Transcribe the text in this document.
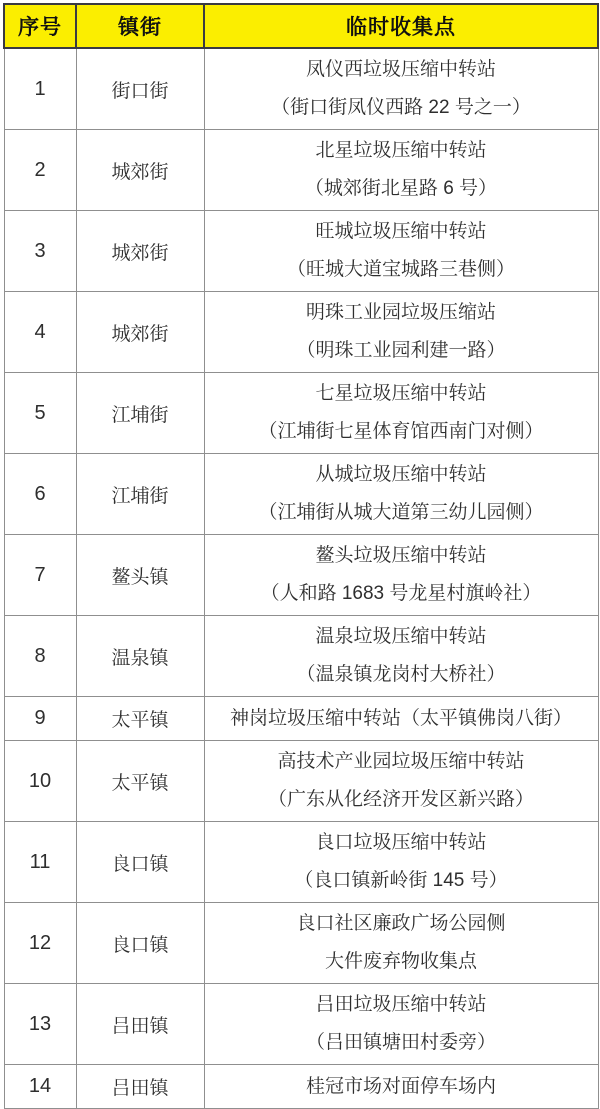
序号	镇街	临时收集点
1	街口街	凤仪西垃圾压缩中转站
（街口街凤仪西路 22 号之一）

2	城郊街	北星垃圾压缩中转站
（城郊街北星路 6 号）

3	城郊街	旺城垃圾压缩中转站
（旺城大道宝城路三巷侧）

4	城郊街	明珠工业园垃圾压缩站
（明珠工业园利建一路）

5	江埔街	七星垃圾压缩中转站
（江埔街七星体育馆西南门对侧）

6	江埔街	从城垃圾压缩中转站
（江埔街从城大道第三幼儿园侧）

7	鳌头镇	鳌头垃圾压缩中转站
（人和路 1683 号龙星村旗岭社）

8	温泉镇	温泉垃圾压缩中转站
（温泉镇龙岗村大桥社）

9	太平镇	神岗垃圾压缩中转站（太平镇佛岗八街）

10	太平镇	高技术产业园垃圾压缩中转站
（广东从化经济开发区新兴路）

11	良口镇	良口垃圾压缩中转站
（良口镇新岭街 145 号）

12	良口镇	良口社区廉政广场公园侧
大件废弃物收集点

13	吕田镇	吕田垃圾压缩中转站
（吕田镇塘田村委旁）

14	吕田镇	桂冠市场对面停车场内
